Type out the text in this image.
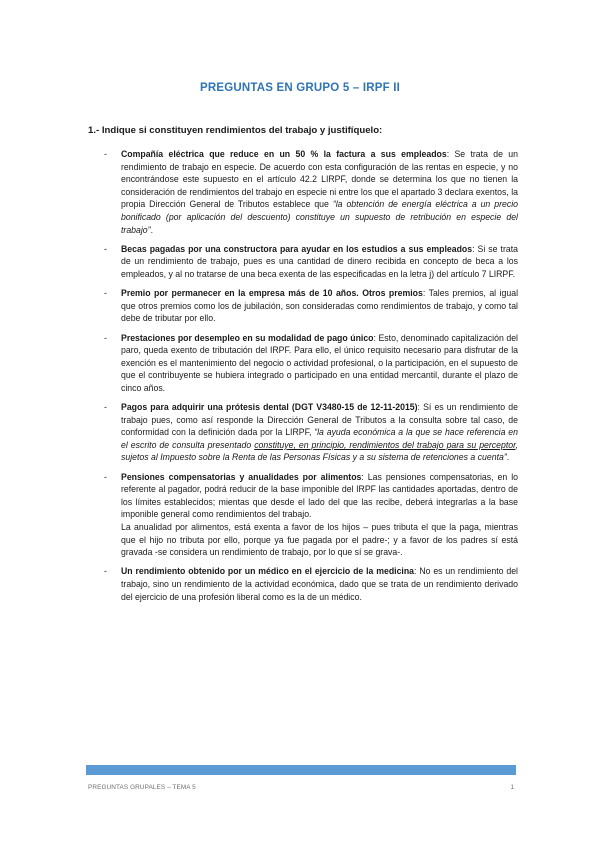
PREGUNTAS EN GRUPO 5 – IRPF II
1.- Indique si constituyen rendimientos del trabajo y justifíquelo:
- Compañía eléctrica que reduce en un 50 % la factura a sus empleados: Se trata de un rendimiento de trabajo en especie. De acuerdo con esta configuración de las rentas en especie, y no encontrándose este supuesto en el artículo 42.2 LIRPF, donde se determina los que no tienen la consideración de rendimientos del trabajo en especie ni entre los que el apartado 3 declara exentos, la propia Dirección General de Tributos establece que “la obtención de energía eléctrica a un precio bonificado (por aplicación del descuento) constituye un supuesto de retribución en especie del trabajo”.
- Becas pagadas por una constructora para ayudar en los estudios a sus empleados: Si se trata de un rendimiento de trabajo, pues es una cantidad de dinero recibida en concepto de beca a los empleados, y al no tratarse de una beca exenta de las especificadas en la letra j) del artículo 7 LIRPF.
- Premio por permanecer en la empresa más de 10 años. Otros premios: Tales premios, al igual que otros premios como los de jubilación, son consideradas como rendimientos de trabajo, y como tal debe de tributar por ello.
- Prestaciones por desempleo en su modalidad de pago único: Esto, denominado capitalización del paro, queda exento de tributación del IRPF. Para ello, el único requisito necesario para disfrutar de la exención es el mantenimiento del negocio o actividad profesional, o la participación, en el supuesto de que el contribuyente se hubiera integrado o participado en una entidad mercantil, durante el plazo de cinco años.
- Pagos para adquirir una prótesis dental (DGT V3480-15 de 12-11-2015): Sí es un rendimiento de trabajo pues, como así responde la Dirección General de Tributos a la consulta sobre tal caso, de conformidad con la definición dada por la LIRPF, “la ayuda económica a la que se hace referencia en el escrito de consulta presentado constituye, en principio, rendimientos del trabajo para su perceptor, sujetos al Impuesto sobre la Renta de las Personas Físicas y a su sistema de retenciones a cuenta”.
- Pensiones compensatorias y anualidades por alimentos: Las pensiones compensatorias, en lo referente al pagador, podrá reducir de la base imponible del IRPF las cantidades aportadas, dentro de los límites establecidos; mientas que desde el lado del que las recibe, deberá integrarlas a la base imponible general como rendimientos del trabajo.
La anualidad por alimentos, está exenta a favor de los hijos – pues tributa el que la paga, mientras que el hijo no tributa por ello, porque ya fue pagada por el padre-; y a favor de los padres sí está gravada -se considera un rendimiento de trabajo, por lo que sí se grava-.
- Un rendimiento obtenido por un médico en el ejercicio de la medicina: No es un rendimiento del trabajo, sino un rendimiento de la actividad económica, dado que se trata de un rendimiento derivado del ejercicio de una profesión liberal como es la de un médico.
PREGUNTAS GRUPALES – TEMA 5	1
